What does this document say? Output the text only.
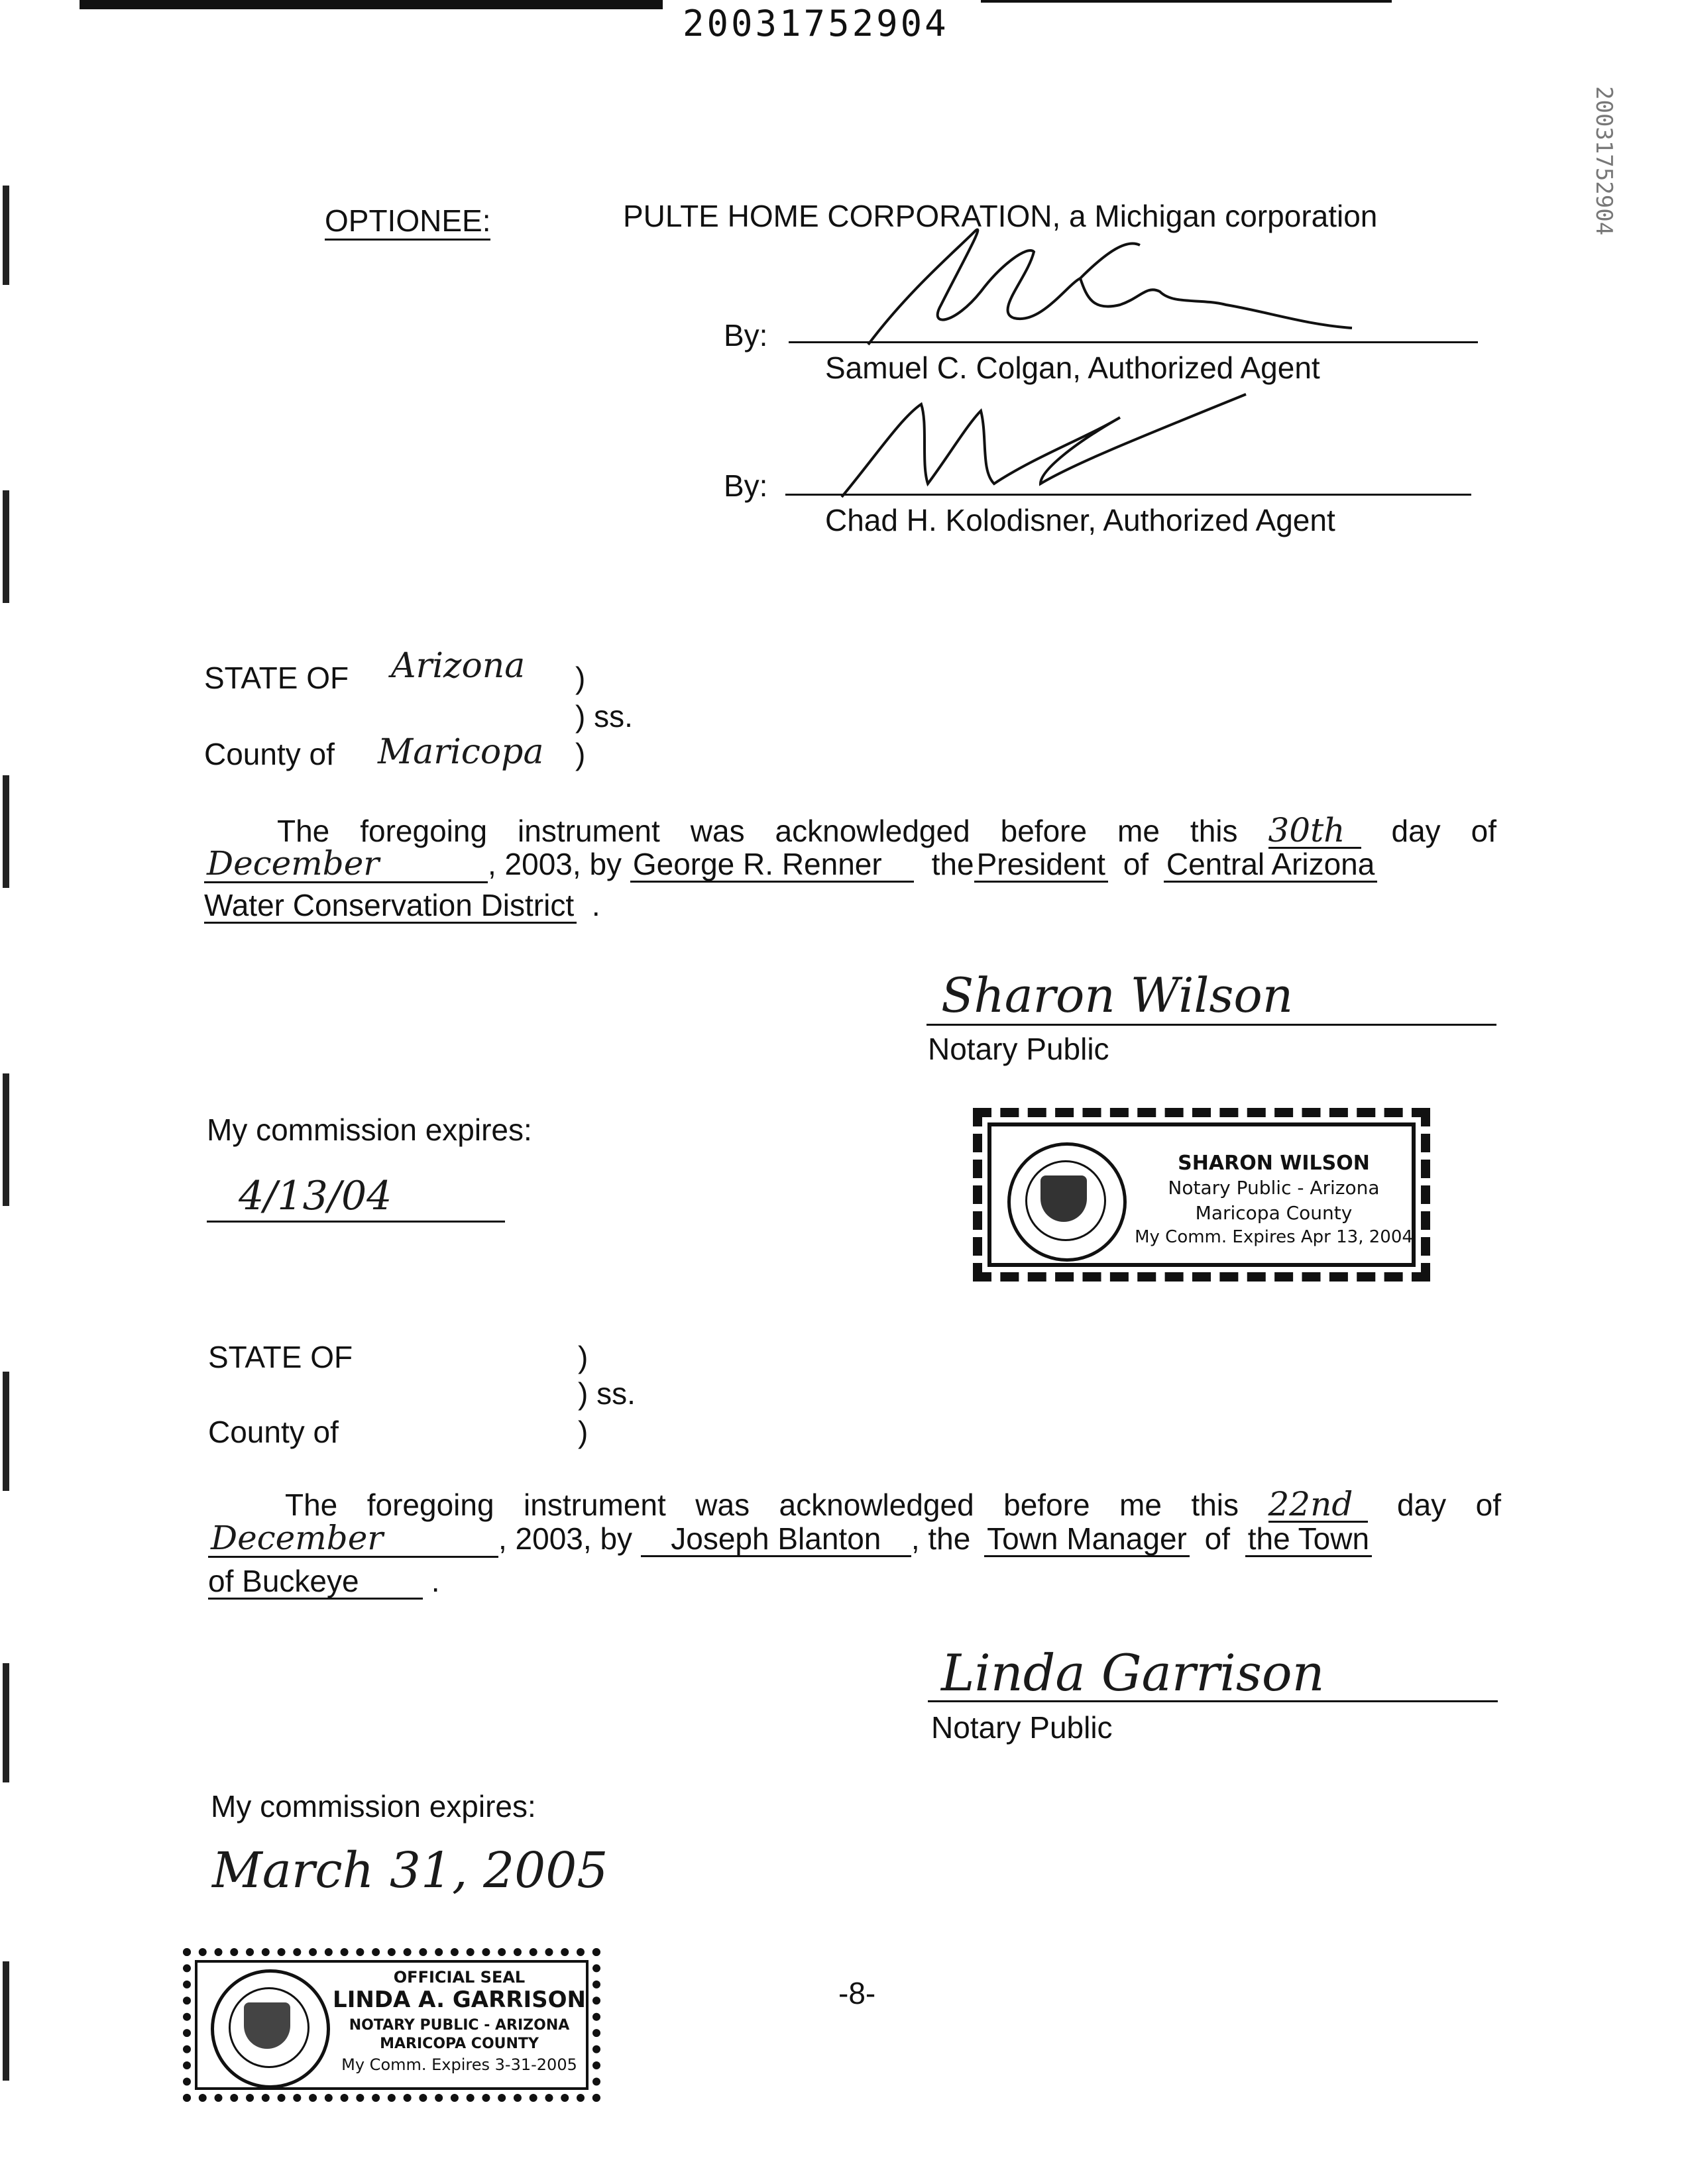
20031752904
20031752904
OPTIONEE:	PULTE HOME CORPORATION, a Michigan corporation
By:
Samuel C. Colgan, Authorized Agent
By:
Chad H. Kolodisner, Authorized Agent
STATE OF Arizona )
) ss.
County of Maricopa )
The foregoing instrument was acknowledged before me this 30th day of
December	, 2003, by George R. Renner thePresident of Central Arizona
Water Conservation District .
Sharon Wilson
Notary Public
My commission expires:
4/13/04
SHARON WILSON
Notary Public - Arizona
Maricopa County
My Comm. Expires Apr 13, 2004
STATE OF	)
) ss.
County of	)
The foregoing instrument was acknowledged before me this 22nd day of
December	, 2003, by Joseph Blanton , the Town Manager of the Town
of Buckeye .
Linda Garrison
Notary Public
My commission expires:
March 31, 2005
OFFICIAL SEAL
LINDA A. GARRISON
NOTARY PUBLIC - ARIZONA
MARICOPA COUNTY
My Comm. Expires 3-31-2005
-8-
